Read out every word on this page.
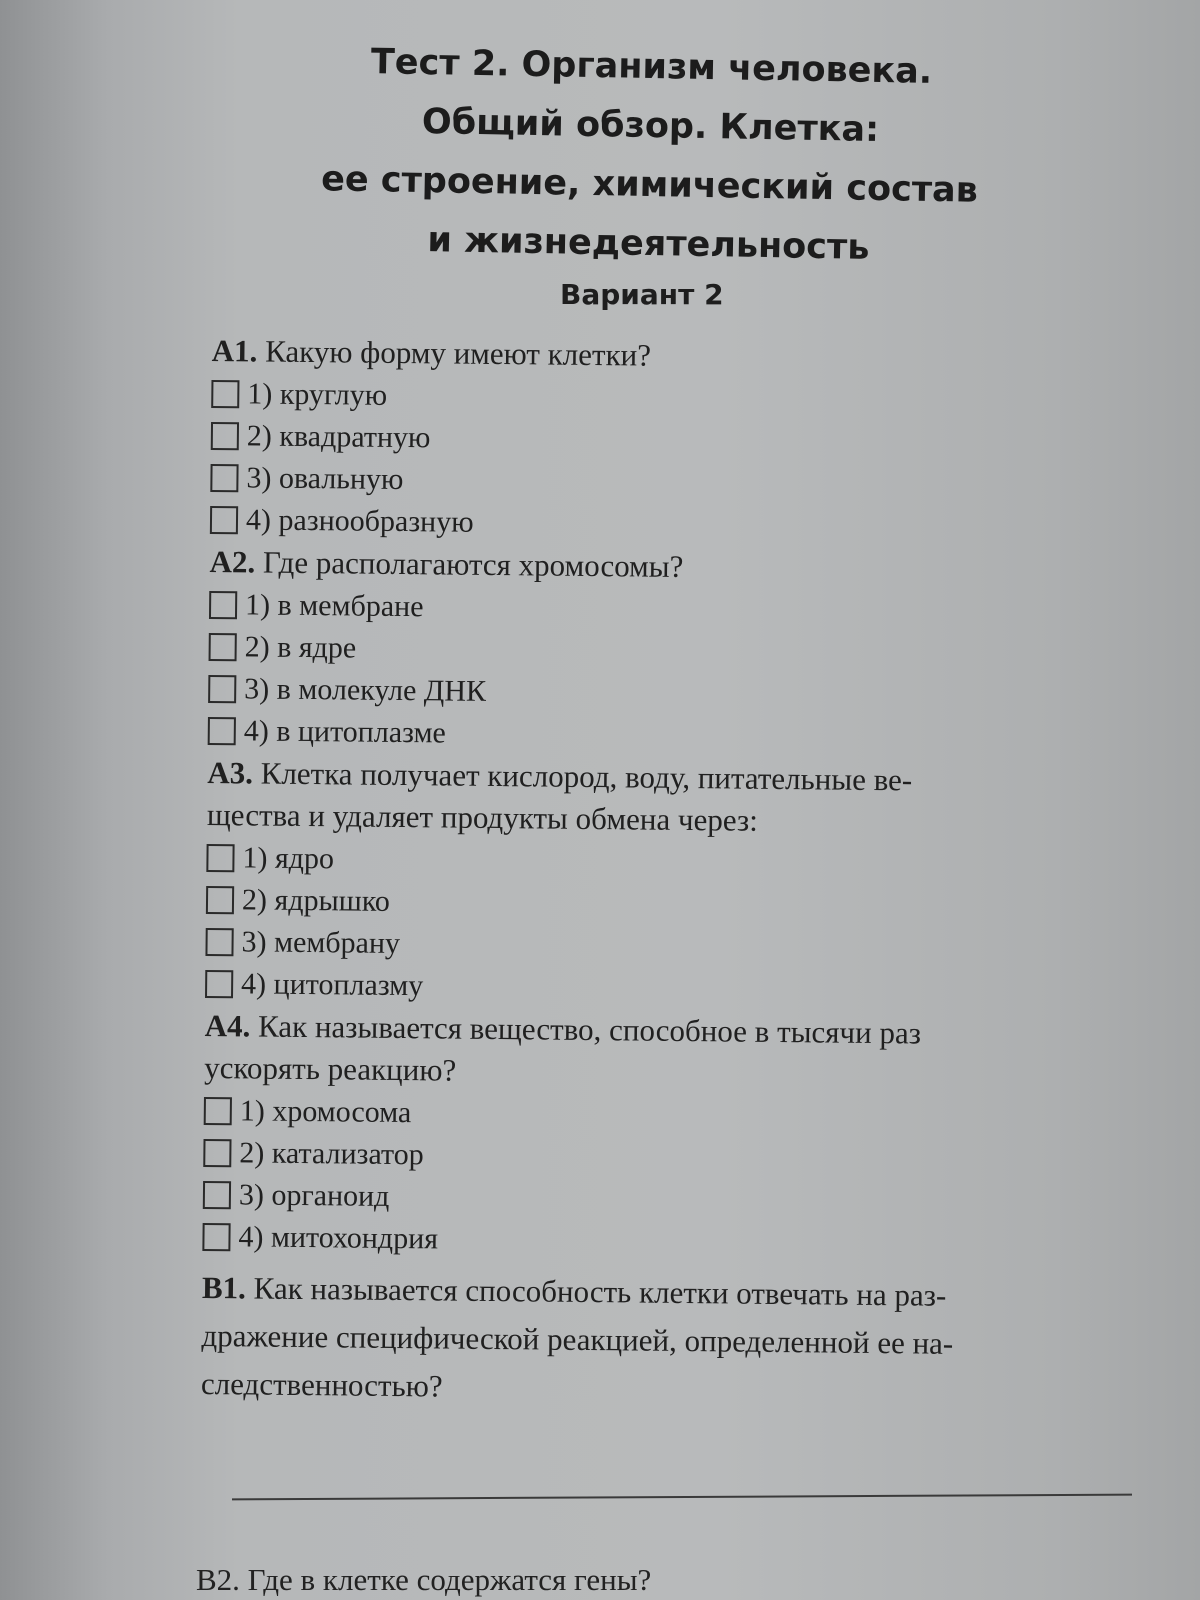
Тест 2. Организм человека.
Общий обзор. Клетка:
ее строение, химический состав
и жизнедеятельность
Вариант 2

А1. Какую форму имеют клетки?

1) круглую
2) квадратную
3) овальную
4) разнообразную

А2. Где располагаются хромосомы?

1) в мембране
2) в ядре
3) в молекуле ДНК
4) в цитоплазме

А3. Клетка получает кислород, воду, питательные ве-
щества и удаляет продукты обмена через:

1) ядро
2) ядрышко
3) мембрану
4) цитоплазму

А4. Как называется вещество, способное в тысячи раз
ускорять реакцию?

1) хромосома
2) катализатор
3) органоид
4) митохондрия

В1. Как называется способность клетки отвечать на раз-
дражение специфической реакцией, определенной ее на-
следственностью?

В2. Где в клетке содержатся гены?
